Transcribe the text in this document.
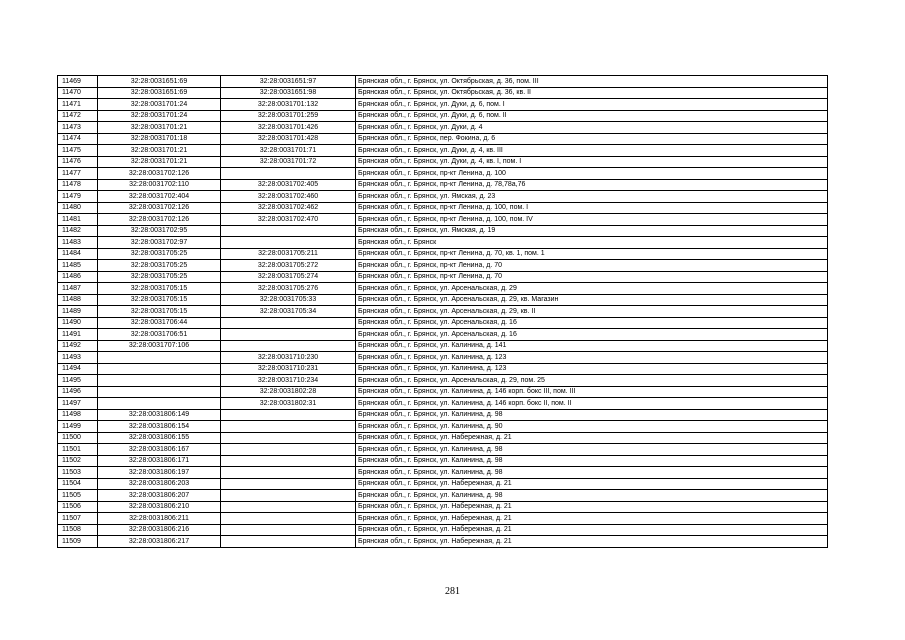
11469	32:28:0031651:69	32:28:0031651:97	Брянская обл., г. Брянск, ул. Октябрьская, д. 36, пом. III
11470	32:28:0031651:69	32:28:0031651:98	Брянская обл., г. Брянск, ул. Октябрьская, д. 36, кв. II
11471	32:28:0031701:24	32:28:0031701:132	Брянская обл., г. Брянск, ул. Дуки, д. 6, пом. I
11472	32:28:0031701:24	32:28:0031701:259	Брянская обл., г. Брянск, ул. Дуки, д. 6, пом. II
11473	32:28:0031701:21	32:28:0031701:426	Брянская обл., г. Брянск, ул. Дуки, д. 4
11474	32:28:0031701:18	32:28:0031701:428	Брянская обл., г. Брянск, пер. Фокина, д. 6
11475	32:28:0031701:21	32:28:0031701:71	Брянская обл., г. Брянск, ул. Дуки, д. 4, кв. III
11476	32:28:0031701:21	32:28:0031701:72	Брянская обл., г. Брянск, ул. Дуки, д. 4, кв. I, пом. I
11477	32:28:0031702:126		Брянская обл., г. Брянск, пр-кт Ленина, д. 100
11478	32:28:0031702:110	32:28:0031702:405	Брянская обл., г. Брянск, пр-кт Ленина, д. 78,78а,76
11479	32:28:0031702:404	32:28:0031702:460	Брянская обл., г. Брянск, ул. Ямская, д. 23
11480	32:28:0031702:126	32:28:0031702:462	Брянская обл., г. Брянск, пр-кт Ленина, д. 100, пом. I
11481	32:28:0031702:126	32:28:0031702:470	Брянская обл., г. Брянск, пр-кт Ленина, д. 100, пом. IV
11482	32:28:0031702:95		Брянская обл., г. Брянск, ул. Ямская, д. 19
11483	32:28:0031702:97		Брянская обл., г. Брянск
11484	32:28:0031705:25	32:28:0031705:211	Брянская обл., г. Брянск, пр-кт Ленина, д. 70, кв. 1, пом. 1
11485	32:28:0031705:25	32:28:0031705:272	Брянская обл., г. Брянск, пр-кт Ленина, д. 70
11486	32:28:0031705:25	32:28:0031705:274	Брянская обл., г. Брянск, пр-кт Ленина, д. 70
11487	32:28:0031705:15	32:28:0031705:276	Брянская обл., г. Брянск, ул. Арсенальская, д. 29
11488	32:28:0031705:15	32:28:0031705:33	Брянская обл., г. Брянск, ул. Арсенальская, д. 29, кв. Магазин
11489	32:28:0031705:15	32:28:0031705:34	Брянская обл., г. Брянск, ул. Арсенальская, д. 29, кв. II
11490	32:28:0031706:44		Брянская обл., г. Брянск, ул. Арсенальская, д. 16
11491	32:28:0031706:51		Брянская обл., г. Брянск, ул. Арсенальская, д. 16
11492	32:28:0031707:106		Брянская обл., г. Брянск, ул. Калинина, д. 141
11493		32:28:0031710:230	Брянская обл., г. Брянск, ул. Калинина, д. 123
11494		32:28:0031710:231	Брянская обл., г. Брянск, ул. Калинина, д. 123
11495		32:28:0031710:234	Брянская обл., г. Брянск, ул. Арсенальская, д. 29, пом. 25
11496		32:28:0031802:28	Брянская обл., г. Брянск, ул. Калинина, д. 146 корп. бокс III, пом. III
11497		32:28:0031802:31	Брянская обл., г. Брянск, ул. Калинина, д. 146 корп. бокс II, пом. II
11498	32:28:0031806:149		Брянская обл., г. Брянск, ул. Калинина, д. 98
11499	32:28:0031806:154		Брянская обл., г. Брянск, ул. Калинина, д. 90
11500	32:28:0031806:155		Брянская обл., г. Брянск, ул. Набережная, д. 21
11501	32:28:0031806:167		Брянская обл., г. Брянск, ул. Калинина, д. 98
11502	32:28:0031806:171		Брянская обл., г. Брянск, ул. Калинина, д. 98
11503	32:28:0031806:197		Брянская обл., г. Брянск, ул. Калинина, д. 98
11504	32:28:0031806:203		Брянская обл., г. Брянск, ул. Набережная, д. 21
11505	32:28:0031806:207		Брянская обл., г. Брянск, ул. Калинина, д. 98
11506	32:28:0031806:210		Брянская обл., г. Брянск, ул. Набережная, д. 21
11507	32:28:0031806:211		Брянская обл., г. Брянск, ул. Набережная, д. 21
11508	32:28:0031806:216		Брянская обл., г. Брянск, ул. Набережная, д. 21
11509	32:28:0031806:217		Брянская обл., г. Брянск, ул. Набережная, д. 21
281
